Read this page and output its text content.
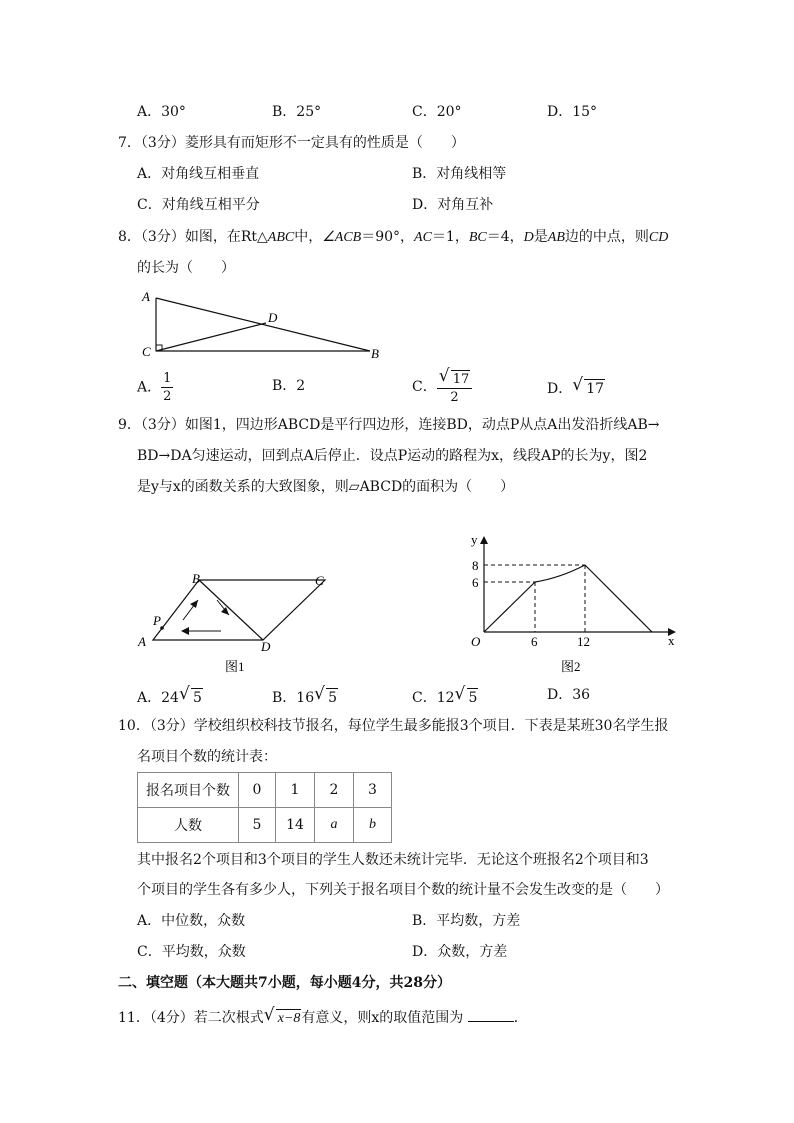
A．30°	B．25°	C．20°	D．15°
7．（3分）菱形具有而矩形不一定具有的性质是（　　）
A．对角线互相垂直	B．对角线相等
C．对角线互相平分	D．对角互补
8．（3分）如图，在Rt△ABC中，∠ACB＝90°，AC＝1，BC＝4，D是AB边的中点，则CD
的长为（　　）
A
C
D
B
A． $\frac{1}{2}$	B．2	C． $\frac{√ 17}{2}$	D． √ 17
9．（3分）如图1，四边形ABCD是平行四边形，连接BD，动点P从点A出发沿折线AB→
BD→DA匀速运动，回到点A后停止．设点P运动的路程为x，线段AP的长为y，图2
是y与x的函数关系的大致图象，则▱ABCD的面积为（　　）
P
A
B	C
D
图1
y
x
O
8
6
6	12
图2
A．24 √ 5	B．16 √ 5	C．12 √ 5	D．36
10．（3分）学校组织校科技节报名，每位学生最多能报3个项目．下表是某班30名学生报
名项目个数的统计表：
报名项目个数	0	1	2	3
人数	5	14	a	b
其中报名2个项目和3个项目的学生人数还未统计完毕．无论这个班报名2个项目和3
个项目的学生各有多少人，下列关于报名项目个数的统计量不会发生改变的是（　　）
A．中位数，众数	B．平均数，方差
C．平均数，众数	D．众数，方差
二、填空题（本大题共7小题，每小题4分，共28分）
11．（4分）若二次根式 √ x−8有意义，则x的取值范围为	．
